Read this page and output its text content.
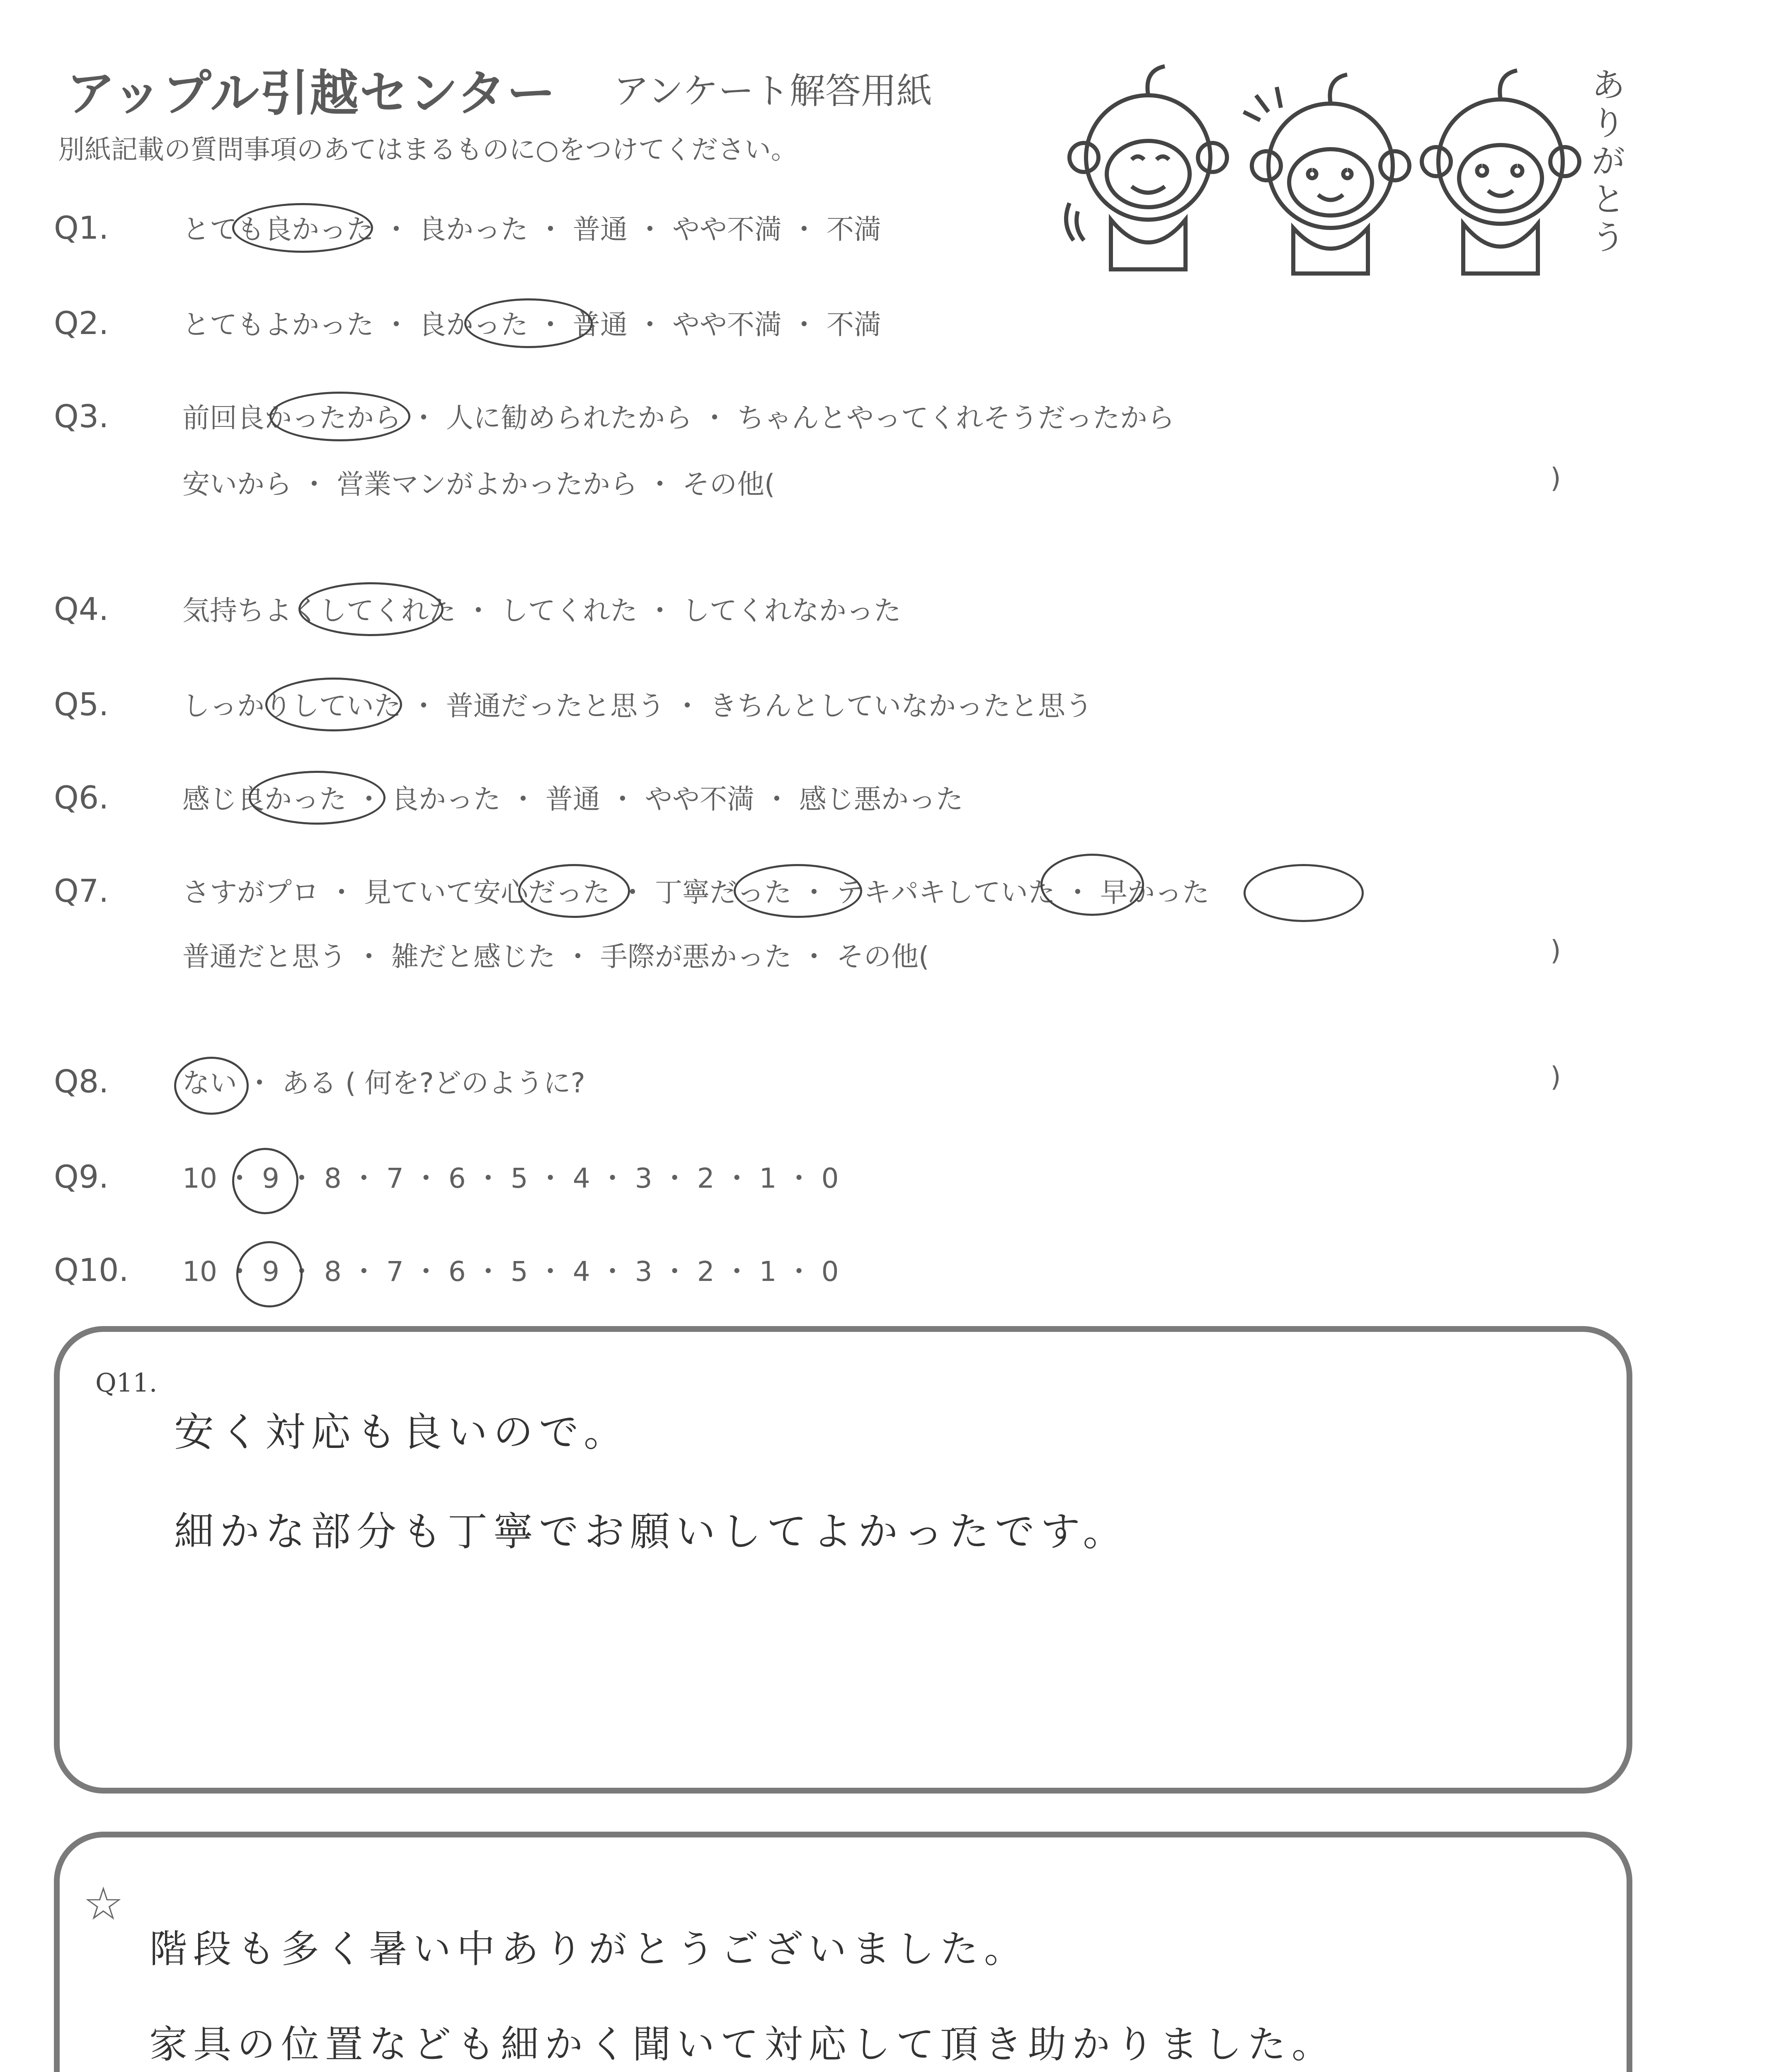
アップル引越センター アンケート解答用紙
別紙記載の質問事項のあてはまるものに○をつけてください。
ありがとう
Q1.	とても良かった ・ 良かった ・ 普通 ・ やや不満 ・ 不満
Q2.	とてもよかった ・ 良かった ・ 普通 ・ やや不満 ・ 不満
Q3.	前回良かったから ・ 人に勧められたから ・ ちゃんとやってくれそうだったから
安いから ・ 営業マンがよかったから ・ その他(	)
Q4.	気持ちよくしてくれた ・ してくれた ・ してくれなかった
Q5.	しっかりしていた ・ 普通だったと思う ・ きちんとしていなかったと思う
Q6.	感じ良かった ・ 良かった ・ 普通 ・ やや不満 ・ 感じ悪かった
Q7.	さすがプロ ・ 見ていて安心だった ・ 丁寧だった ・ テキパキしていた ・ 早かった
普通だと思う ・ 雑だと感じた ・ 手際が悪かった ・ その他(	)
Q8.	ない ・ ある ( 何を?どのように?	)
Q9.	10 ・ 9 ・ 8 ・ 7 ・ 6 ・ 5 ・ 4 ・ 3 ・ 2 ・ 1 ・ 0
Q10. 10 ・ 9 ・ 8 ・ 7 ・ 6 ・ 5 ・ 4 ・ 3 ・ 2 ・ 1 ・ 0
Q11.
安く対応も良いので。
細かな部分も丁寧でお願いしてよかったです。
☆
階段も多く暑い中ありがとうございました。
家具の位置なども細かく聞いて対応して頂き助かりました。
